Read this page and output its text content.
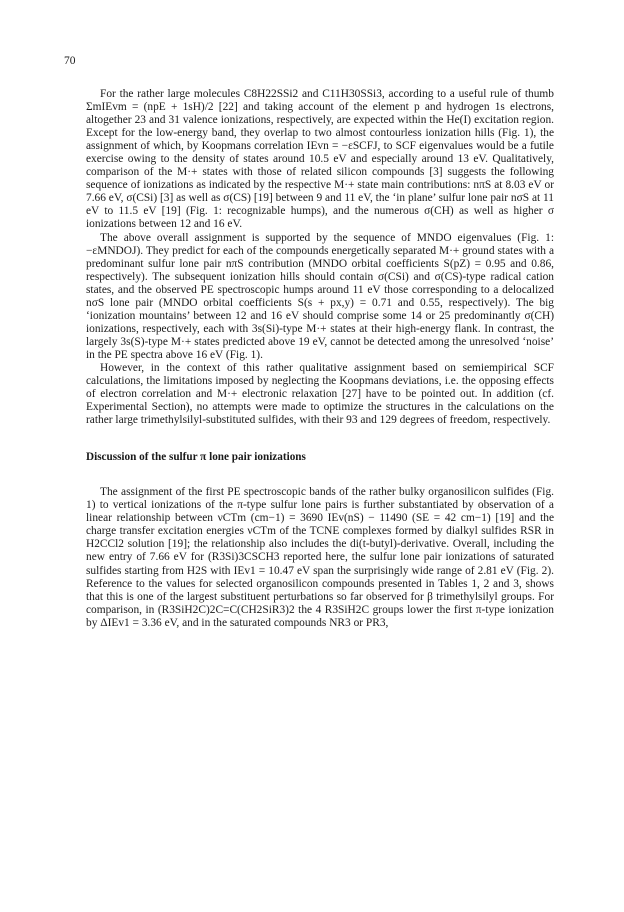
70

For the rather large molecules C8H22SSi2 and C11H30SSi3, according to a useful rule of thumb ΣmIEvm = (npE + 1sH)/2 [22] and taking account of the element p and hydrogen 1s electrons, altogether 23 and 31 valence ionizations, respectively, are expected within the He(I) excitation region. Except for the low-energy band, they overlap to two almost contourless ionization hills (Fig. 1), the assignment of which, by Koopmans correlation IEvn = −εSCFJ, to SCF eigenvalues would be a futile exercise owing to the density of states around 10.5 eV and especially around 13 eV. Qualitatively, comparison of the M·+ states with those of related silicon compounds [3] suggests the following sequence of ionizations as indicated by the respective M·+ state main contributions: nπS at 8.03 eV or 7.66 eV, σ(CSi) [3] as well as σ(CS) [19] between 9 and 11 eV, the ‘in plane’ sulfur lone pair nσS at 11 eV to 11.5 eV [19] (Fig. 1: recognizable humps), and the numerous σ(CH) as well as higher σ ionizations between 12 and 16 eV.

The above overall assignment is supported by the sequence of MNDO eigenvalues (Fig. 1: −εMNDOJ). They predict for each of the compounds energetically separated M·+ ground states with a predominant sulfur lone pair nπS contribution (MNDO orbital coefficients S(pZ) = 0.95 and 0.86, respectively). The subsequent ionization hills should contain σ(CSi) and σ(CS)-type radical cation states, and the observed PE spectroscopic humps around 11 eV those corresponding to a delocalized nσS lone pair (MNDO orbital coefficients S(s + px,y) = 0.71 and 0.55, respectively). The big ‘ionization mountains’ between 12 and 16 eV should comprise some 14 or 25 predominantly σ(CH) ionizations, respectively, each with 3s(Si)-type M·+ states at their high-energy flank. In contrast, the largely 3s(S)-type M·+ states predicted above 19 eV, cannot be detected among the unresolved ‘noise’ in the PE spectra above 16 eV (Fig. 1).

However, in the context of this rather qualitative assignment based on semiempirical SCF calculations, the limitations imposed by neglecting the Koopmans deviations, i.e. the opposing effects of electron correlation and M·+ electronic relaxation [27] have to be pointed out. In addition (cf. Experimental Section), no attempts were made to optimize the structures in the calculations on the rather large trimethylsilyl-substituted sulfides, with their 93 and 129 degrees of freedom, respectively.

Discussion of the sulfur π lone pair ionizations

The assignment of the first PE spectroscopic bands of the rather bulky organosilicon sulfides (Fig. 1) to vertical ionizations of the π-type sulfur lone pairs is further substantiated by observation of a linear relationship between νCTm (cm−1) = 3690 IEv(nS) − 11490 (SE = 42 cm−1) [19] and the charge transfer excitation energies νCTm of the TCNE complexes formed by dialkyl sulfides RSR in H2CCl2 solution [19]; the relationship also includes the di(t-butyl)-derivative. Overall, including the new entry of 7.66 eV for (R3Si)3CSCH3 reported here, the sulfur lone pair ionizations of saturated sulfides starting from H2S with IEv1 = 10.47 eV span the surprisingly wide range of 2.81 eV (Fig. 2). Reference to the values for selected organosilicon compounds presented in Tables 1, 2 and 3, shows that this is one of the largest substituent perturbations so far observed for β trimethylsilyl groups. For comparison, in (R3SiH2C)2C=C(CH2SiR3)2 the 4 R3SiH2C groups lower the first π-type ionization by ΔIEv1 = 3.36 eV, and in the saturated compounds NR3 or PR3,
